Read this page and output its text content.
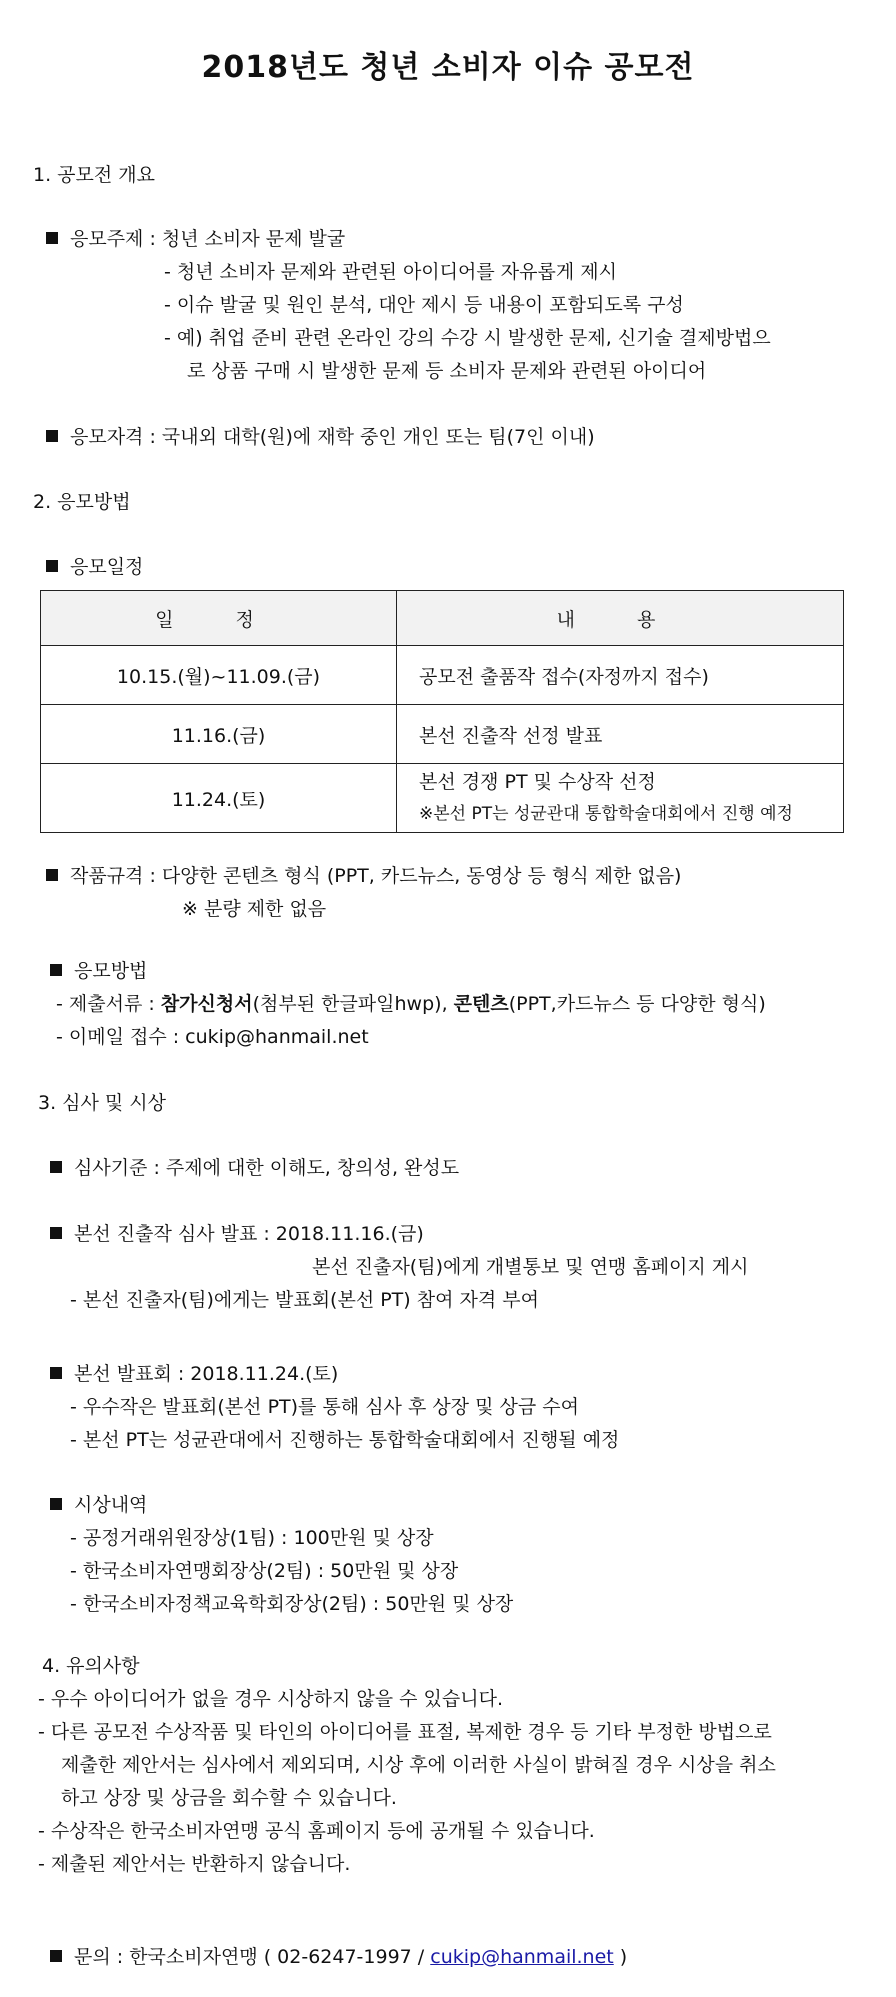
2018년도 청년 소비자 이슈 공모전
1. 공모전 개요
응모주제 : 청년 소비자 문제 발굴
- 청년 소비자 문제와 관련된 아이디어를 자유롭게 제시
- 이슈 발굴 및 원인 분석, 대안 제시 등 내용이 포함되도록 구성
- 예) 취업 준비 관련 온라인 강의 수강 시 발생한 문제, 신기술 결제방법으
로 상품 구매 시 발생한 문제 등 소비자 문제와 관련된 아이디어
응모자격 : 국내외 대학(원)에 재학 중인 개인 또는 팀(7인 이내)
2. 응모방법
응모일정
일 정	내 용
10.15.(월)~11.09.(금)	공모전 출품작 접수(자정까지 접수)
11.16.(금)	본선 진출작 선정 발표
11.24.(토)	본선 경쟁 PT 및 수상작 선정
※본선 PT는 성균관대 통합학술대회에서 진행 예정
작품규격 : 다양한 콘텐츠 형식 (PPT, 카드뉴스, 동영상 등 형식 제한 없음)
※ 분량 제한 없음
응모방법
- 제출서류 : 참가신청서(첨부된 한글파일hwp), 콘텐츠(PPT,카드뉴스 등 다양한 형식)
- 이메일 접수 : cukip@hanmail.net
3. 심사 및 시상
심사기준 : 주제에 대한 이해도, 창의성, 완성도
본선 진출작 심사 발표 : 2018.11.16.(금)
본선 진출자(팀)에게 개별통보 및 연맹 홈페이지 게시
- 본선 진출자(팀)에게는 발표회(본선 PT) 참여 자격 부여
본선 발표회 : 2018.11.24.(토)
- 우수작은 발표회(본선 PT)를 통해 심사 후 상장 및 상금 수여
- 본선 PT는 성균관대에서 진행하는 통합학술대회에서 진행될 예정
시상내역
- 공정거래위원장상(1팀) : 100만원 및 상장
- 한국소비자연맹회장상(2팀) : 50만원 및 상장
- 한국소비자정책교육학회장상(2팀) : 50만원 및 상장
4. 유의사항
- 우수 아이디어가 없을 경우 시상하지 않을 수 있습니다.
- 다른 공모전 수상작품 및 타인의 아이디어를 표절, 복제한 경우 등 기타 부정한 방법으로
제출한 제안서는 심사에서 제외되며, 시상 후에 이러한 사실이 밝혀질 경우 시상을 취소
하고 상장 및 상금을 회수할 수 있습니다.
- 수상작은 한국소비자연맹 공식 홈페이지 등에 공개될 수 있습니다.
- 제출된 제안서는 반환하지 않습니다.
문의 : 한국소비자연맹 ( 02-6247-1997 / cukip@hanmail.net )
